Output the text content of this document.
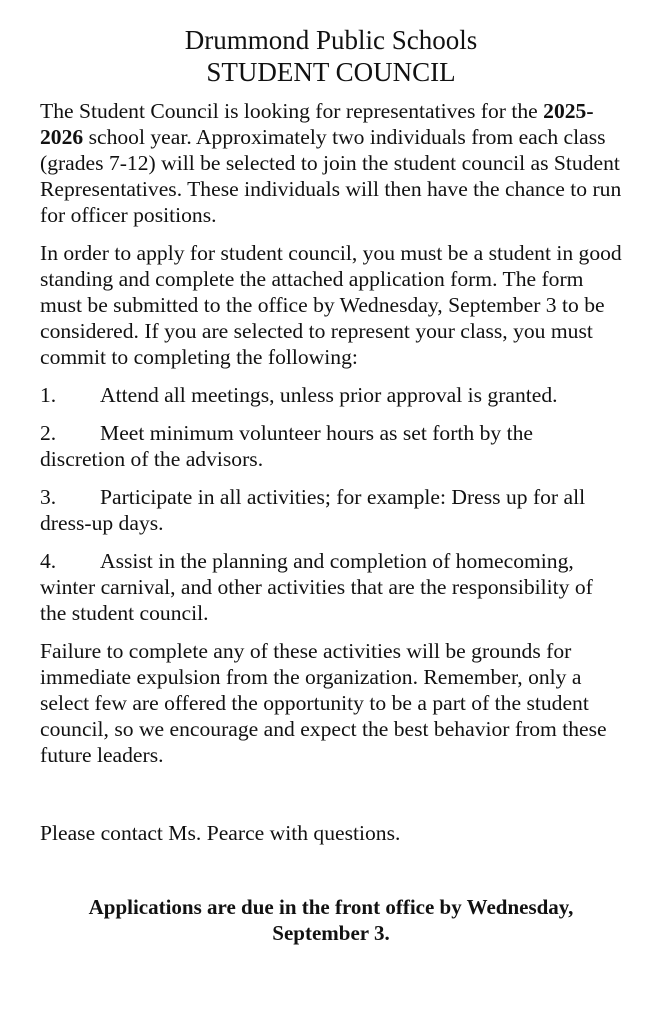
Drummond Public Schools
STUDENT COUNCIL

The Student Council is looking for representatives for the 2025-2026 school year. Approximately two individuals from each class (grades 7-12) will be selected to join the student council as Student Representatives. These individuals will then have the chance to run for officer positions.

In order to apply for student council, you must be a student in good standing and complete the attached application form. The form must be submitted to the office by Wednesday, September 3 to be considered. If you are selected to represent your class, you must commit to completing the following:

1. Attend all meetings, unless prior approval is granted.
2. Meet minimum volunteer hours as set forth by the discretion of the advisors.
3. Participate in all activities; for example: Dress up for all dress-up days.
4. Assist in the planning and completion of homecoming, winter carnival, and other activities that are the responsibility of the student council.

Failure to complete any of these activities will be grounds for immediate expulsion from the organization. Remember, only a select few are offered the opportunity to be a part of the student council, so we encourage and expect the best behavior from these future leaders.

Please contact Ms. Pearce with questions.
Applications are due in the front office by Wednesday, September 3.
